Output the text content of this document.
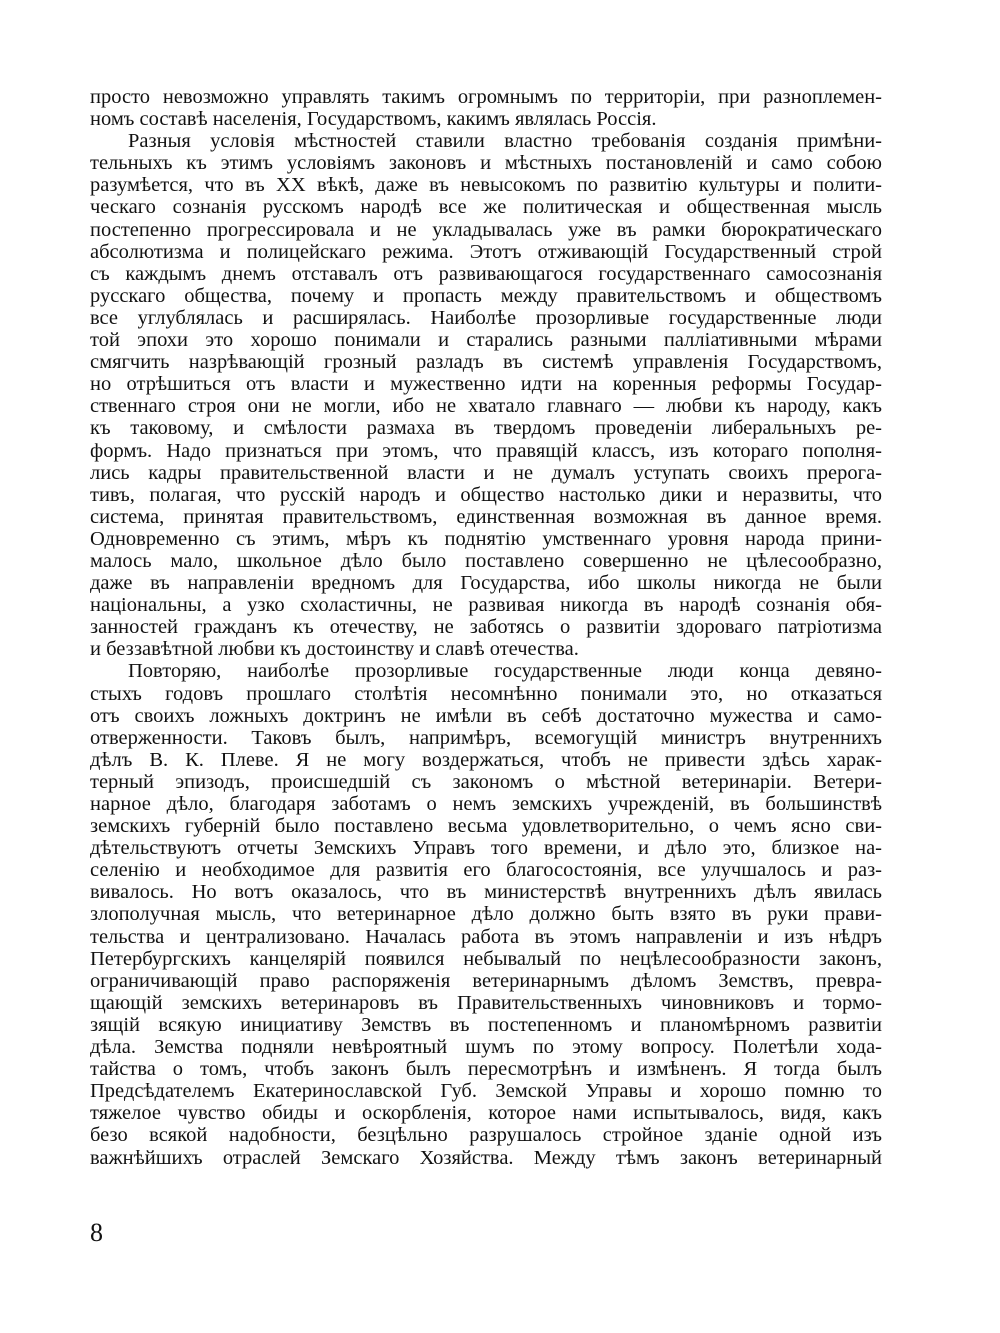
просто невозможно управлять такимъ огромнымъ по территорiи, при разноплемен-
номъ составѣ населенiя, Государствомъ, какимъ являлась Россiя.
Разныя условiя мѣстностей ставили властно требованiя созданiя примѣни-
тельныхъ къ этимъ условiямъ законовъ и мѣстныхъ постановленiй и само собою
разумѣется, что въ XX вѣкѣ, даже въ невысокомъ по развитiю культуры и полити-
ческаго сознанiя русскомъ народѣ все же политическая и общественная мысль
постепенно прогрессировала и не укладывалась уже въ рамки бюрократическаго
абсолютизма и полицейскаго режима. Этотъ отживающiй Государственный строй
съ каждымъ днемъ отставалъ отъ развивающагося государственнаго самосознанiя
русскаго общества, почему и пропасть между правительствомъ и обществомъ
все углублялась и расширялась. Наиболѣе прозорливые государственные люди
той эпохи это хорошо понимали и старались разными паллiативными мѣрами
смягчить назрѣвающiй грозный разладъ въ системѣ управленiя Государствомъ,
но отрѣшиться отъ власти и мужественно идти на коренныя реформы Государ-
ственнаго строя они не могли, ибо не хватало главнаго — любви къ народу, какъ
къ таковому, и смѣлости размаха въ твердомъ проведенiи либеральныхъ ре-
формъ. Надо признаться при этомъ, что правящiй классъ, изъ котораго пополня-
лись кадры правительственной власти и не думалъ уступать своихъ прерога-
тивъ, полагая, что русскiй народъ и общество настолько дики и неразвиты, что
система, принятая правительствомъ, единственная возможная въ данное время.
Одновременно съ этимъ, мѣръ къ поднятiю умственнаго уровня народа прини-
малось мало, школьное дѣло было поставлено совершенно не цѣлесообразно,
даже въ направленiи вредномъ для Государства, ибо школы никогда не были
нацiональны, а узко схоластичны, не развивая никогда въ народѣ сознанiя обя-
занностей гражданъ къ отечеству, не заботясь о развитiи здороваго патрiотизма
и беззавѣтной любви къ достоинству и славѣ отечества.
Повторяю, наиболѣе прозорливые государственные люди конца девяно-
стыхъ годовъ прошлаго столѣтiя несомнѣнно понимали это, но отказаться
отъ своихъ ложныхъ доктринъ не имѣли въ себѣ достаточно мужества и само-
отверженности. Таковъ былъ, напримѣръ, всемогущiй министръ внутреннихъ
дѣлъ В. К. Плеве. Я не могу воздержаться, чтобъ не привести здѣсь харак-
терный эпизодъ, происшедшiй съ закономъ о мѣстной ветеринарiи. Ветери-
нарное дѣло, благодаря заботамъ о немъ земскихъ учрежденiй, въ большинствѣ
земскихъ губернiй было поставлено весьма удовлетворительно, о чемъ ясно сви-
дѣтельствуютъ отчеты Земскихъ Управъ того времени, и дѣло это, близкое на-
селенiю и необходимое для развитiя его благосостоянiя, все улучшалось и раз-
вивалось. Но вотъ оказалось, что въ министерствѣ внутреннихъ дѣлъ явилась
злополучная мысль, что ветеринарное дѣло должно быть взято въ руки прави-
тельства и централизовано. Началась работа въ этомъ направленiи и изъ нѣдръ
Петербургскихъ канцелярiй появился небывалый по нецѣлесообразности законъ,
ограничивающiй право распоряженiя ветеринарнымъ дѣломъ Земствъ, превра-
щающiй земскихъ ветеринаровъ въ Правительственныхъ чиновниковъ и тормо-
зящiй всякую инициативу Земствъ въ постепенномъ и планомѣрномъ развитiи
дѣла. Земства подняли невѣроятный шумъ по этому вопросу. Полетѣли хода-
тайства о томъ, чтобъ законъ былъ пересмотрѣнъ и измѣненъ. Я тогда былъ
Предсѣдателемъ Екатеринославской Губ. Земской Управы и хорошо помню то
тяжелое чувство обиды и оскорбленiя, которое нами испытывалось, видя, какъ
безо всякой надобности, безцѣльно разрушалось стройное зданiе одной изъ
важнѣйшихъ отраслей Земскаго Хозяйства. Между тѣмъ законъ ветеринарный
8
